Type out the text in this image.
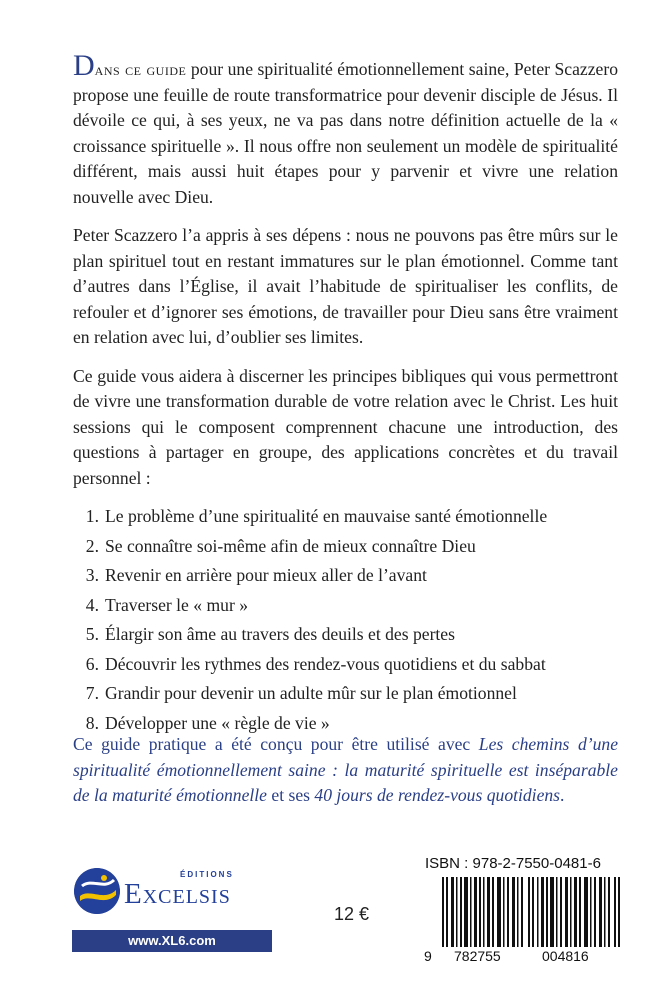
Dans ce guide pour une spiritualité émotionnellement saine, Peter Scazzero propose une feuille de route transformatrice pour devenir disciple de Jésus. Il dévoile ce qui, à ses yeux, ne va pas dans notre définition actuelle de la « croissance spirituelle ». Il nous offre non seulement un modèle de spiritualité différent, mais aussi huit étapes pour y parvenir et vivre une relation nouvelle avec Dieu.

Peter Scazzero l’a appris à ses dépens : nous ne pouvons pas être mûrs sur le plan spirituel tout en restant immatures sur le plan émotionnel. Comme tant d’autres dans l’Église, il avait l’habitude de spiritualiser les conflits, de refouler et d’ignorer ses émotions, de travailler pour Dieu sans être vraiment en relation avec lui, d’oublier ses limites.

Ce guide vous aidera à discerner les principes bibliques qui vous permettront de vivre une transformation durable de votre relation avec le Christ. Les huit sessions qui le composent comprennent chacune une introduction, des questions à partager en groupe, des applications concrètes et du travail personnel :

1. Le problème d’une spiritualité en mauvaise santé émotionnelle
2. Se connaître soi-même afin de mieux connaître Dieu
3. Revenir en arrière pour mieux aller de l’avant
4. Traverser le « mur »
5. Élargir son âme au travers des deuils et des pertes
6. Découvrir les rythmes des rendez-vous quotidiens et du sabbat
7. Grandir pour devenir un adulte mûr sur le plan émotionnel
8. Développer une « règle de vie »

Ce guide pratique a été conçu pour être utilisé avec Les chemins d’une spiritualité émotionnellement saine : la maturité spirituelle est inséparable de la maturité émotionnelle et ses 40 jours de rendez-vous quotidiens.

ÉDITIONS
Excelsis
www.XL6.com
12 €
ISBN : 978-2-7550-0481-6
9 782755	004816
